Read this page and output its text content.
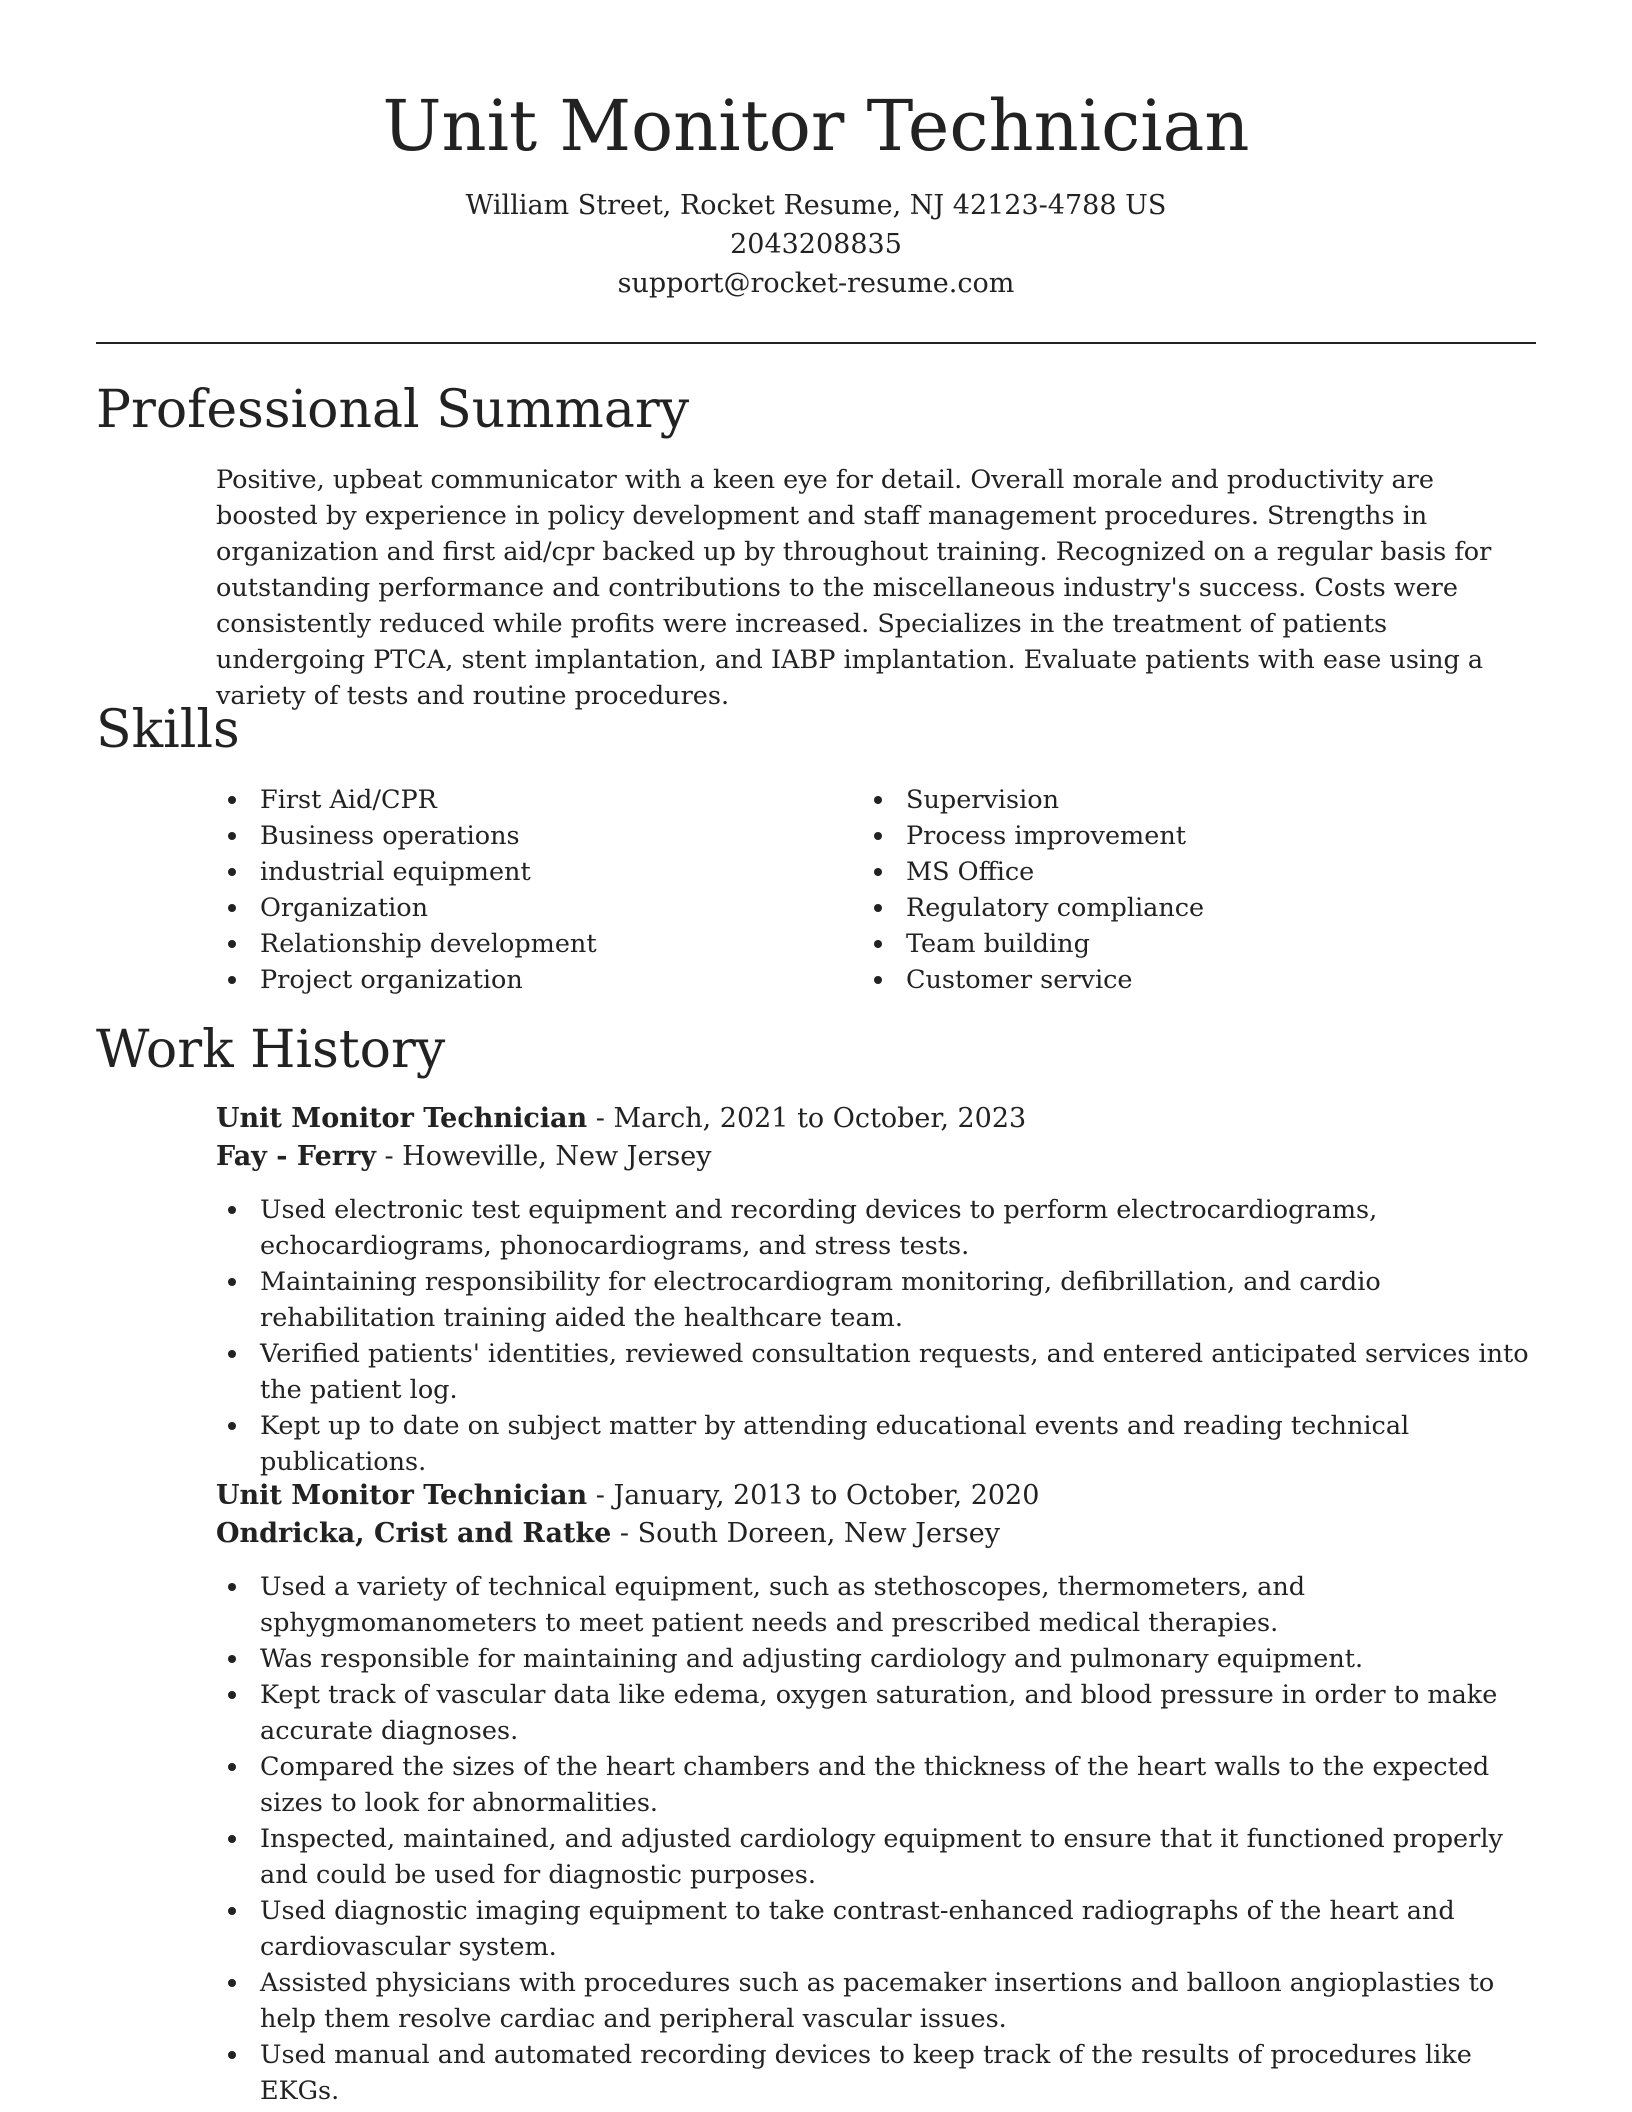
Unit Monitor Technician
William Street, Rocket Resume, NJ 42123-4788 US
2043208835
support@rocket-resume.com
Professional Summary

Positive, upbeat communicator with a keen eye for detail. Overall morale and productivity are boosted by experience in policy development and staff management procedures. Strengths in organization and first aid/cpr backed up by throughout training. Recognized on a regular basis for outstanding performance and contributions to the miscellaneous industry's success. Costs were consistently reduced while profits were increased. Specializes in the treatment of patients undergoing PTCA, stent implantation, and IABP implantation. Evaluate patients with ease using a variety of tests and routine procedures.

Skills
First Aid/CPR
Business operations
industrial equipment
Organization
Relationship development
Project organization
Supervision
Process improvement
MS Office
Regulatory compliance
Team building
Customer service
Work History
Unit Monitor Technician - March, 2021 to October, 2023
Fay - Ferry - Howeville, New Jersey
Used electronic test equipment and recording devices to perform electrocardiograms, echocardiograms, phonocardiograms, and stress tests.
Maintaining responsibility for electrocardiogram monitoring, defibrillation, and cardio rehabilitation training aided the healthcare team.
Verified patients' identities, reviewed consultation requests, and entered anticipated services into the patient log.
Kept up to date on subject matter by attending educational events and reading technical publications.
Unit Monitor Technician - January, 2013 to October, 2020
Ondricka, Crist and Ratke - South Doreen, New Jersey
Used a variety of technical equipment, such as stethoscopes, thermometers, and sphygmomanometers to meet patient needs and prescribed medical therapies.
Was responsible for maintaining and adjusting cardiology and pulmonary equipment.
Kept track of vascular data like edema, oxygen saturation, and blood pressure in order to make accurate diagnoses.
Compared the sizes of the heart chambers and the thickness of the heart walls to the expected sizes to look for abnormalities.
Inspected, maintained, and adjusted cardiology equipment to ensure that it functioned properly and could be used for diagnostic purposes.
Used diagnostic imaging equipment to take contrast-enhanced radiographs of the heart and cardiovascular system.
Assisted physicians with procedures such as pacemaker insertions and balloon angioplasties to help them resolve cardiac and peripheral vascular issues.
Used manual and automated recording devices to keep track of the results of procedures like EKGs.
